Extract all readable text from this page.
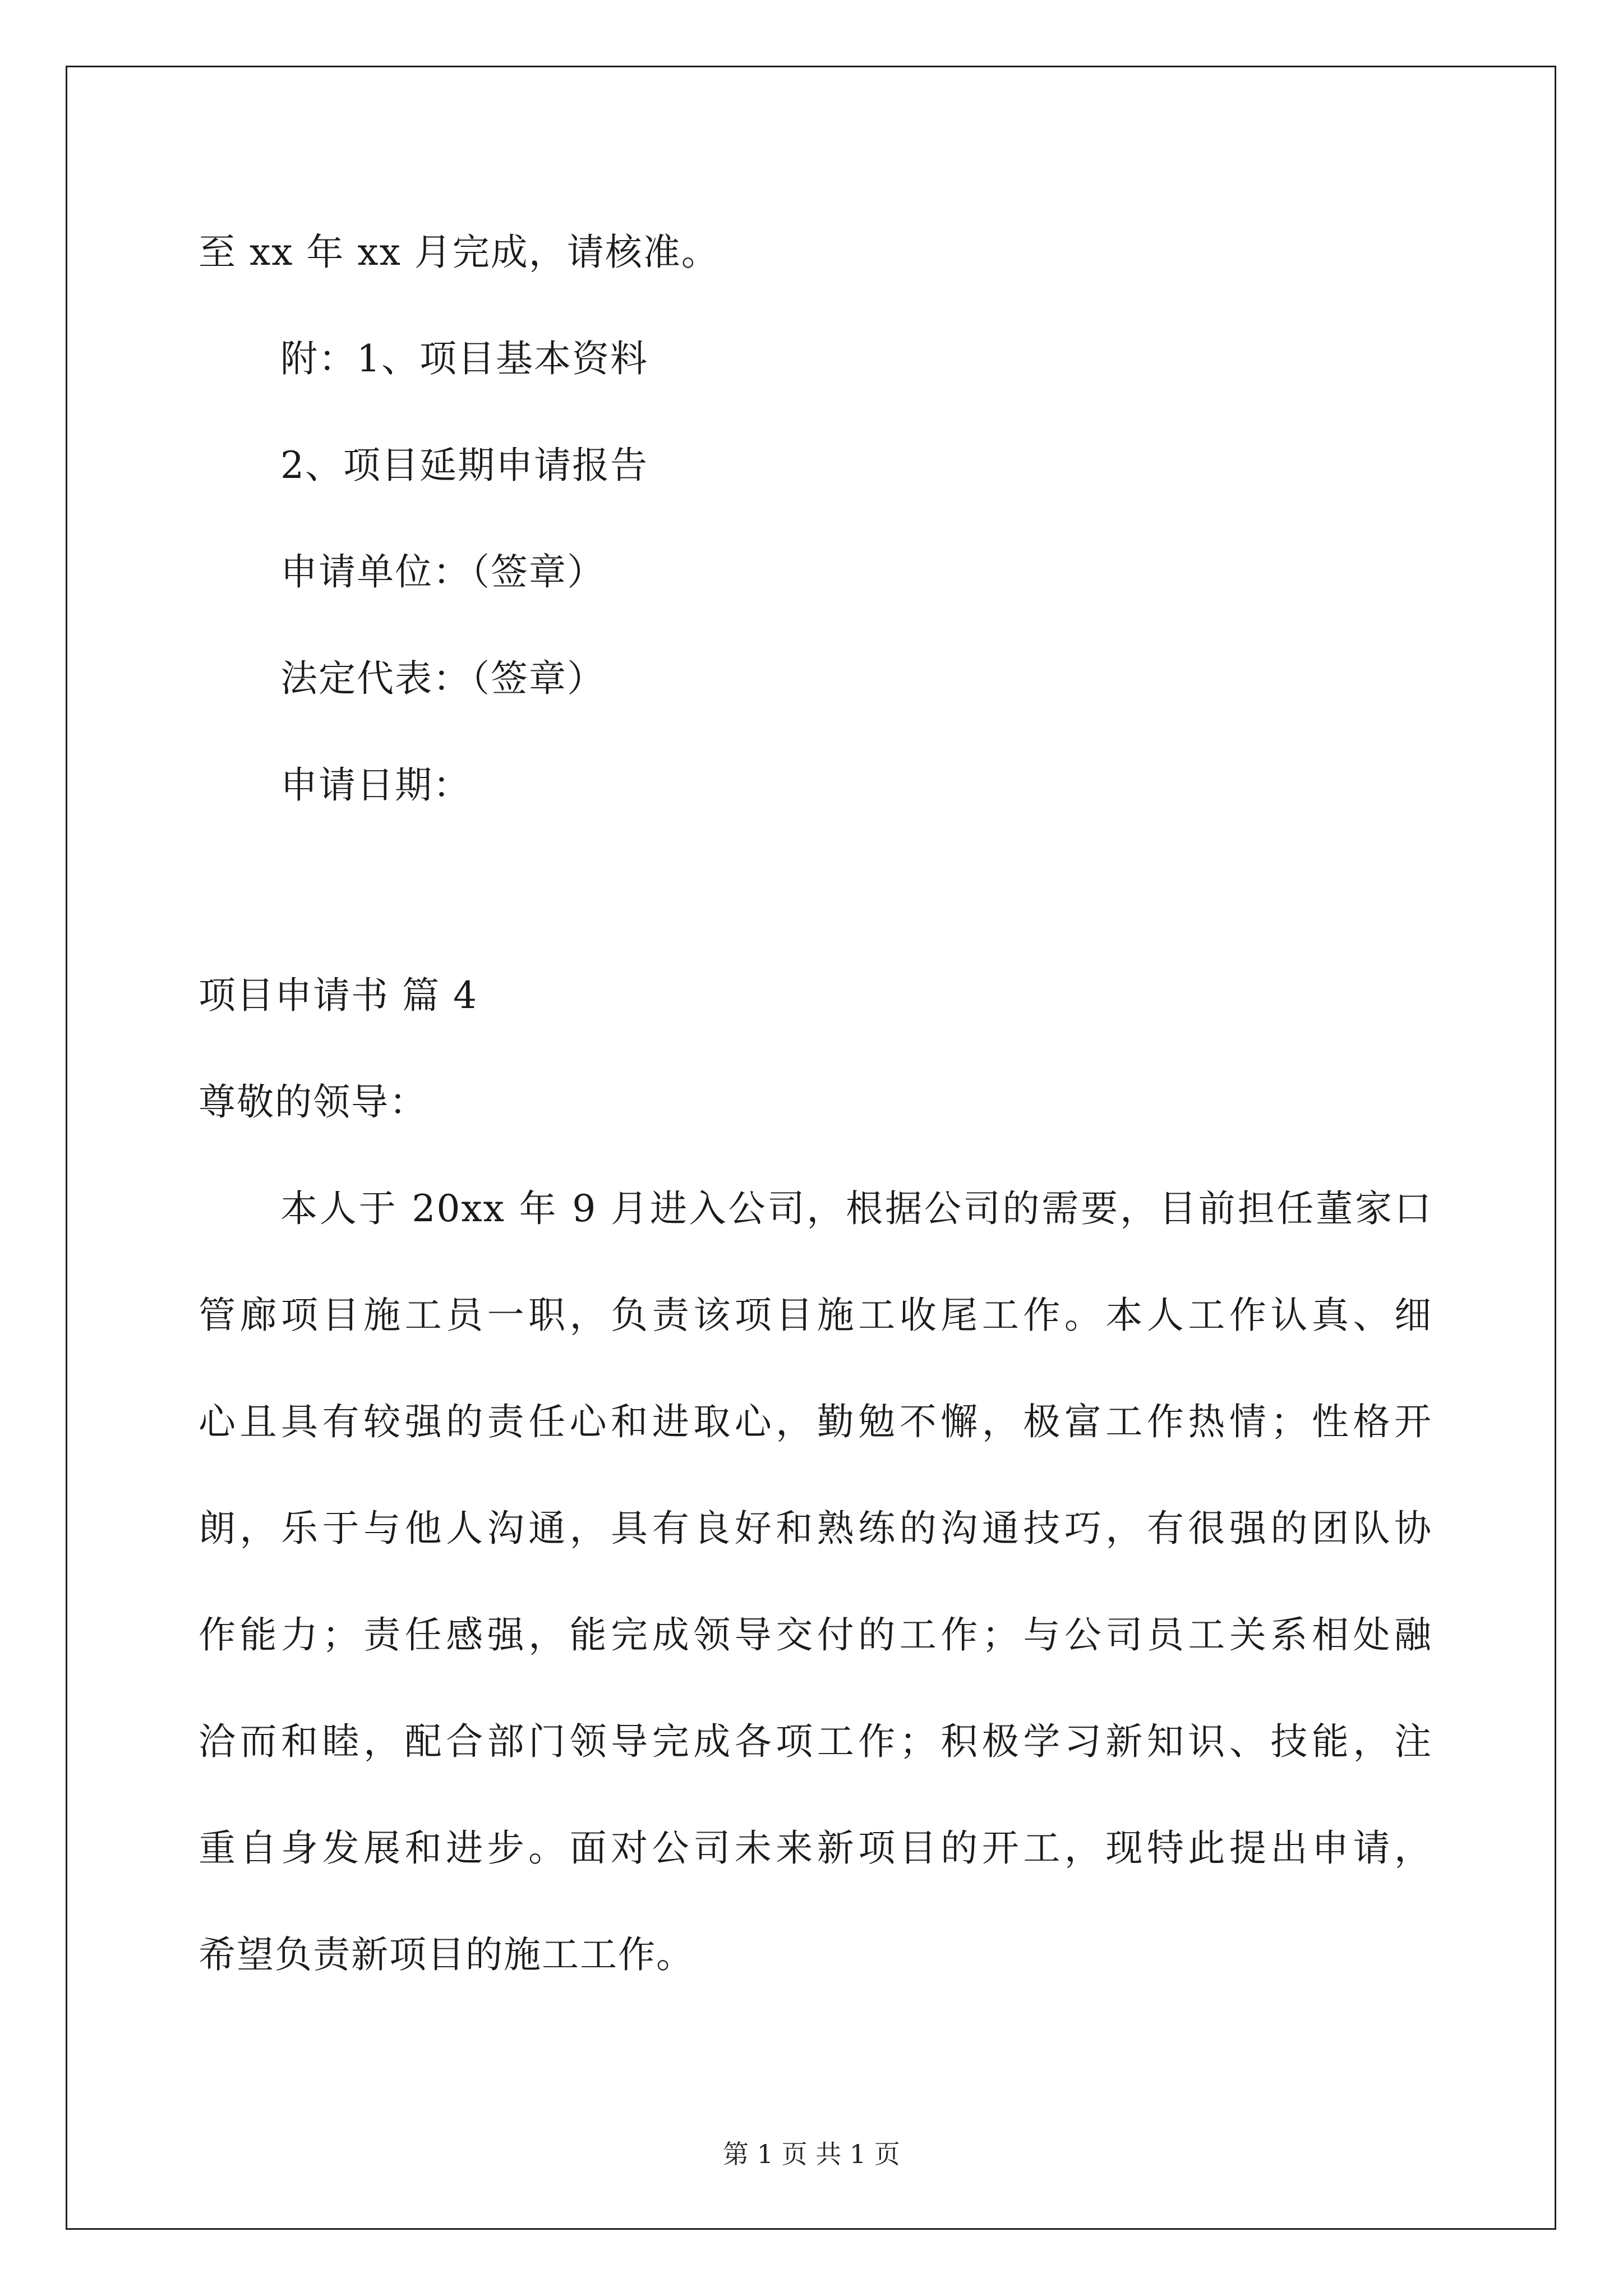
至 xx 年 xx 月完成，请核准。
附：1、项目基本资料
2、项目延期申请报告
申请单位：（签章）
法定代表：（签章）
申请日期：
项目申请书 篇 4
尊敬的领导：
本人于 20xx 年 9 月进入公司，根据公司的需要，目前担任董家口
管廊项目施工员一职，负责该项目施工收尾工作。本人工作认真、细
心且具有较强的责任心和进取心，勤勉不懈，极富工作热情；性格开
朗，乐于与他人沟通，具有良好和熟练的沟通技巧，有很强的团队协
作能力；责任感强，能完成领导交付的工作；与公司员工关系相处融
洽而和睦，配合部门领导完成各项工作；积极学习新知识、技能，注
重自身发展和进步。面对公司未来新项目的开工，现特此提出申请，
希望负责新项目的施工工作。
第 1 页 共 1 页
